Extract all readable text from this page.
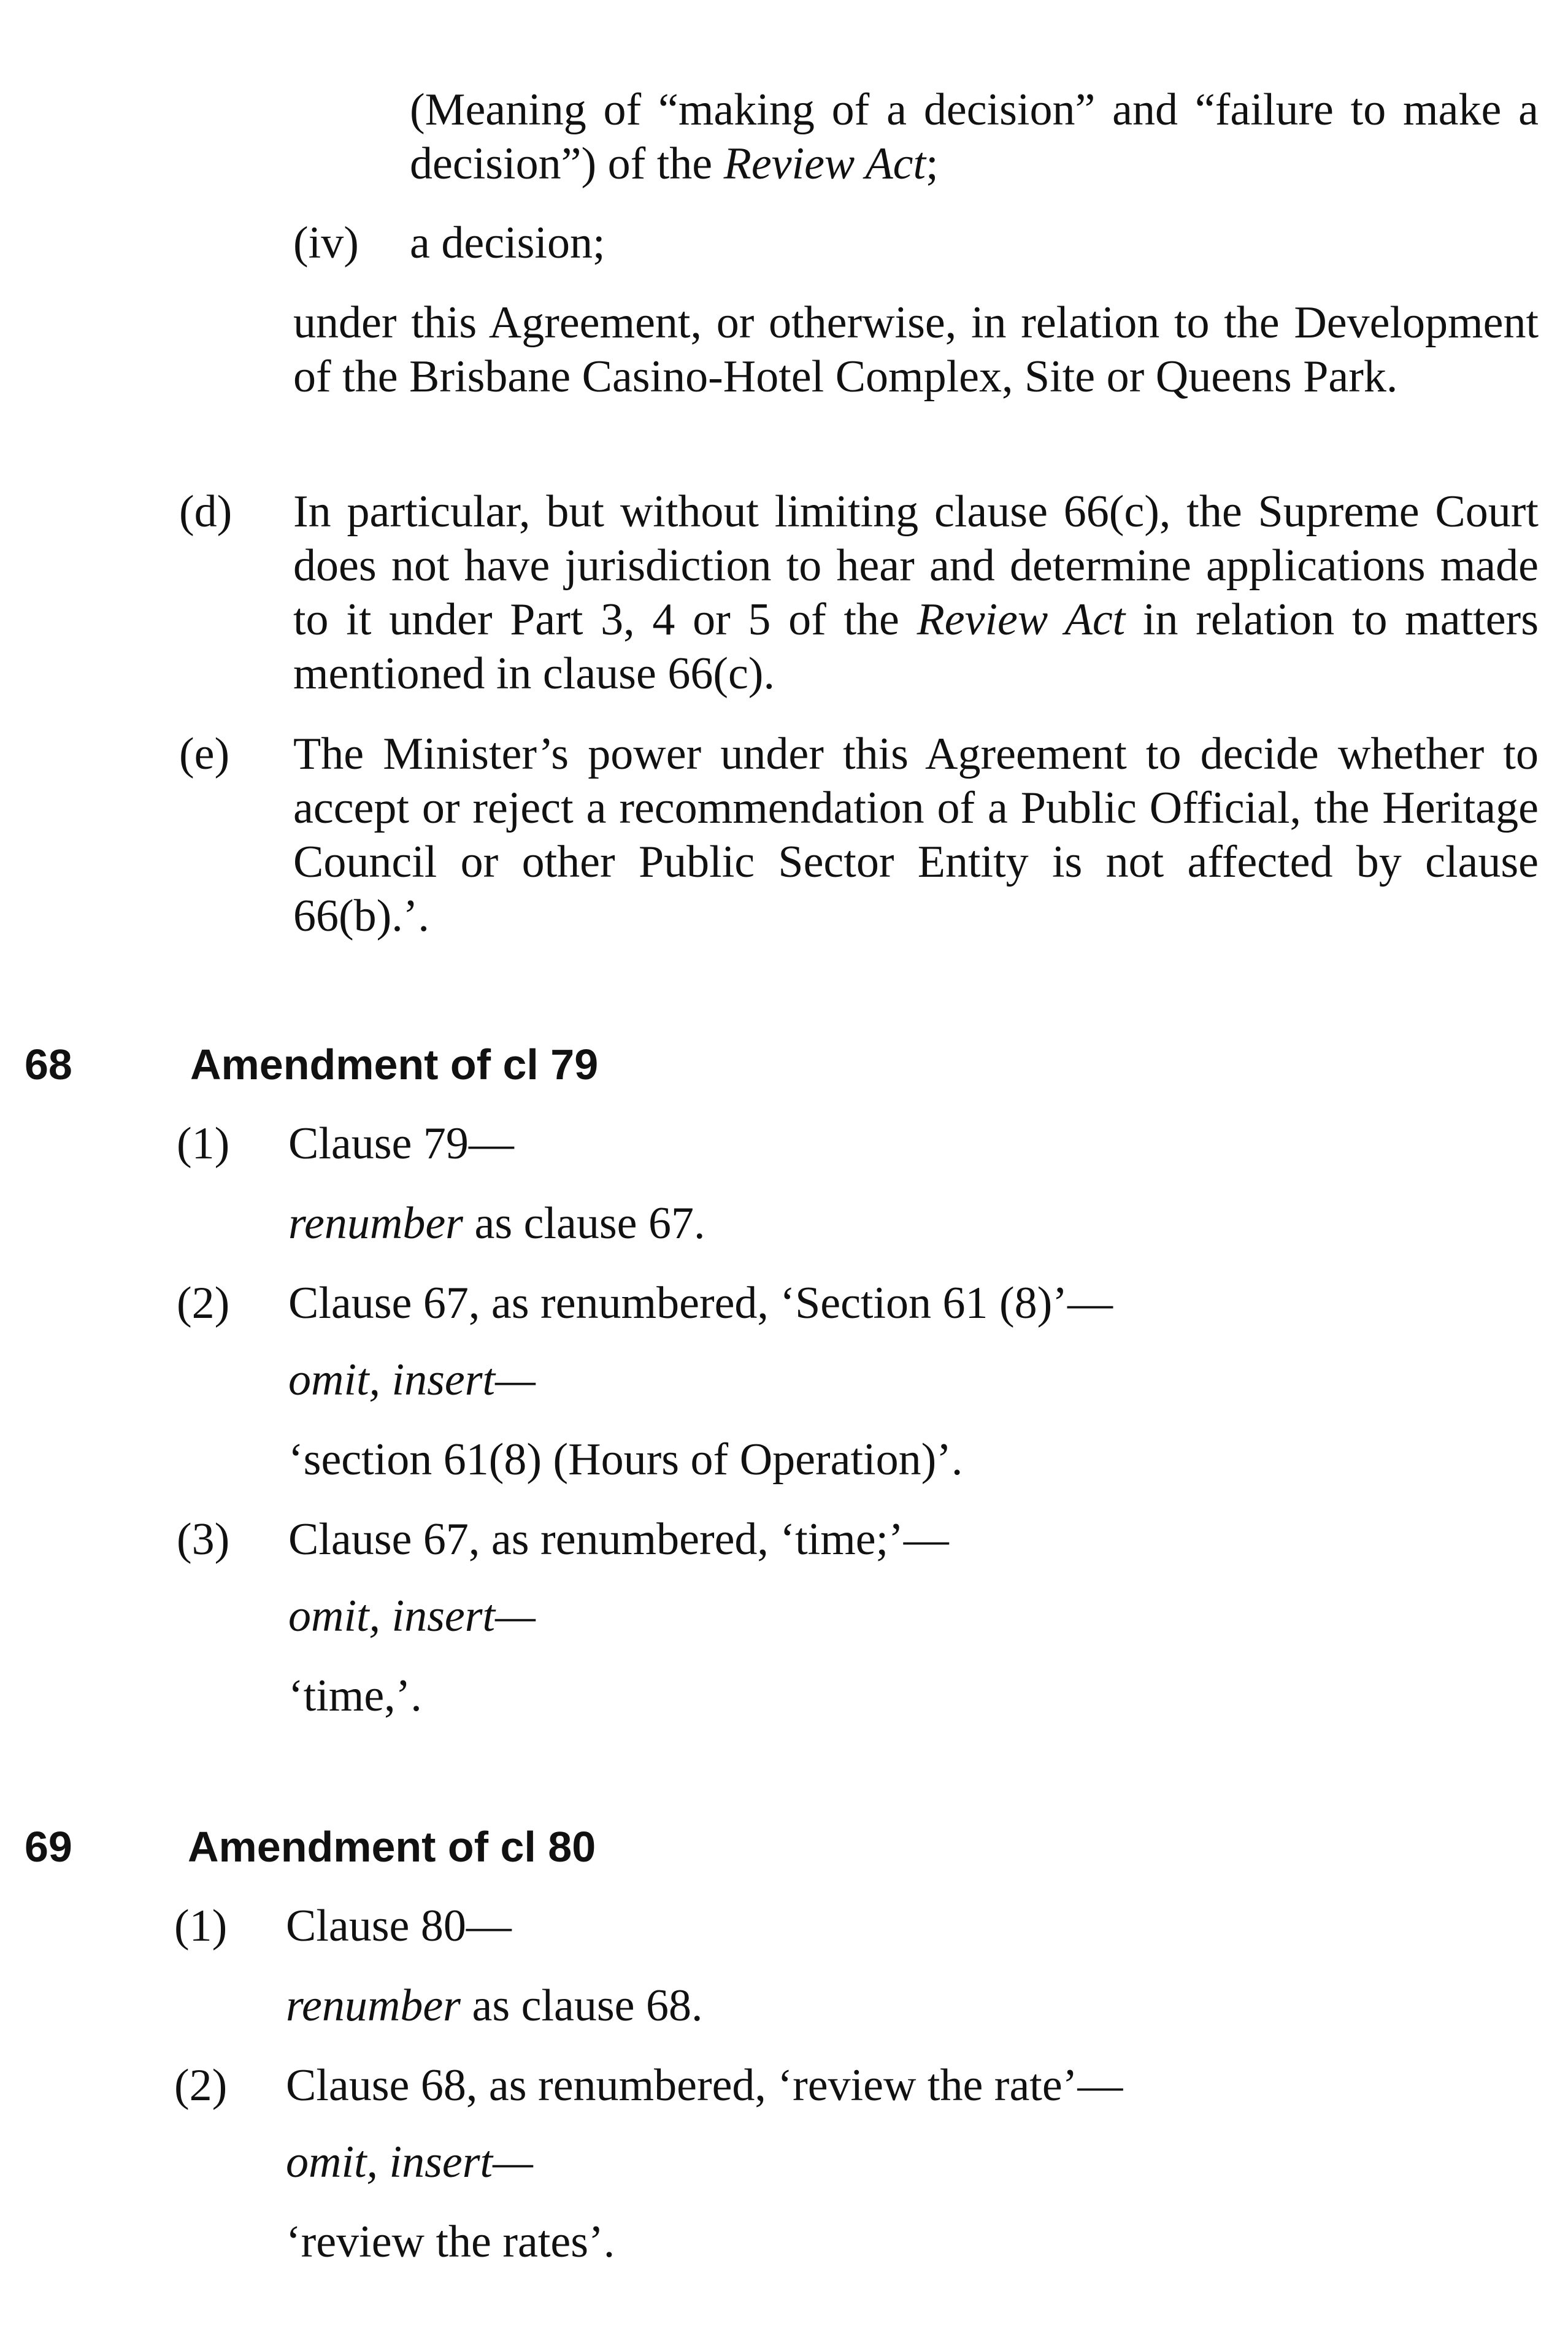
(Meaning of “making of a decision” and “failure to make a decision”) of the Review Act;
(iv) a decision;
under this Agreement, or otherwise, in relation to the Development of the Brisbane Casino-Hotel Complex, Site or Queens Park.
(d) In particular, but without limiting clause 66(c), the Supreme Court does not have jurisdiction to hear and determine applications made to it under Part 3, 4 or 5 of the Review Act in relation to matters mentioned in clause 66(c).
(e) The Minister’s power under this Agreement to decide whether to accept or reject a recommendation of a Public Official, the Heritage Council or other Public Sector Entity is not affected by clause 66(b).’.
68	Amendment of cl 79
(1) Clause 79—
renumber as clause 67.
(2) Clause 67, as renumbered, ‘Section 61 (8)’—
omit, insert—
‘section 61(8) (Hours of Operation)’.
(3) Clause 67, as renumbered, ‘time;’—
omit, insert—
‘time,’.
69	Amendment of cl 80
(1) Clause 80—
renumber as clause 68.
(2) Clause 68, as renumbered, ‘review the rate’—
omit, insert—
‘review the rates’.
